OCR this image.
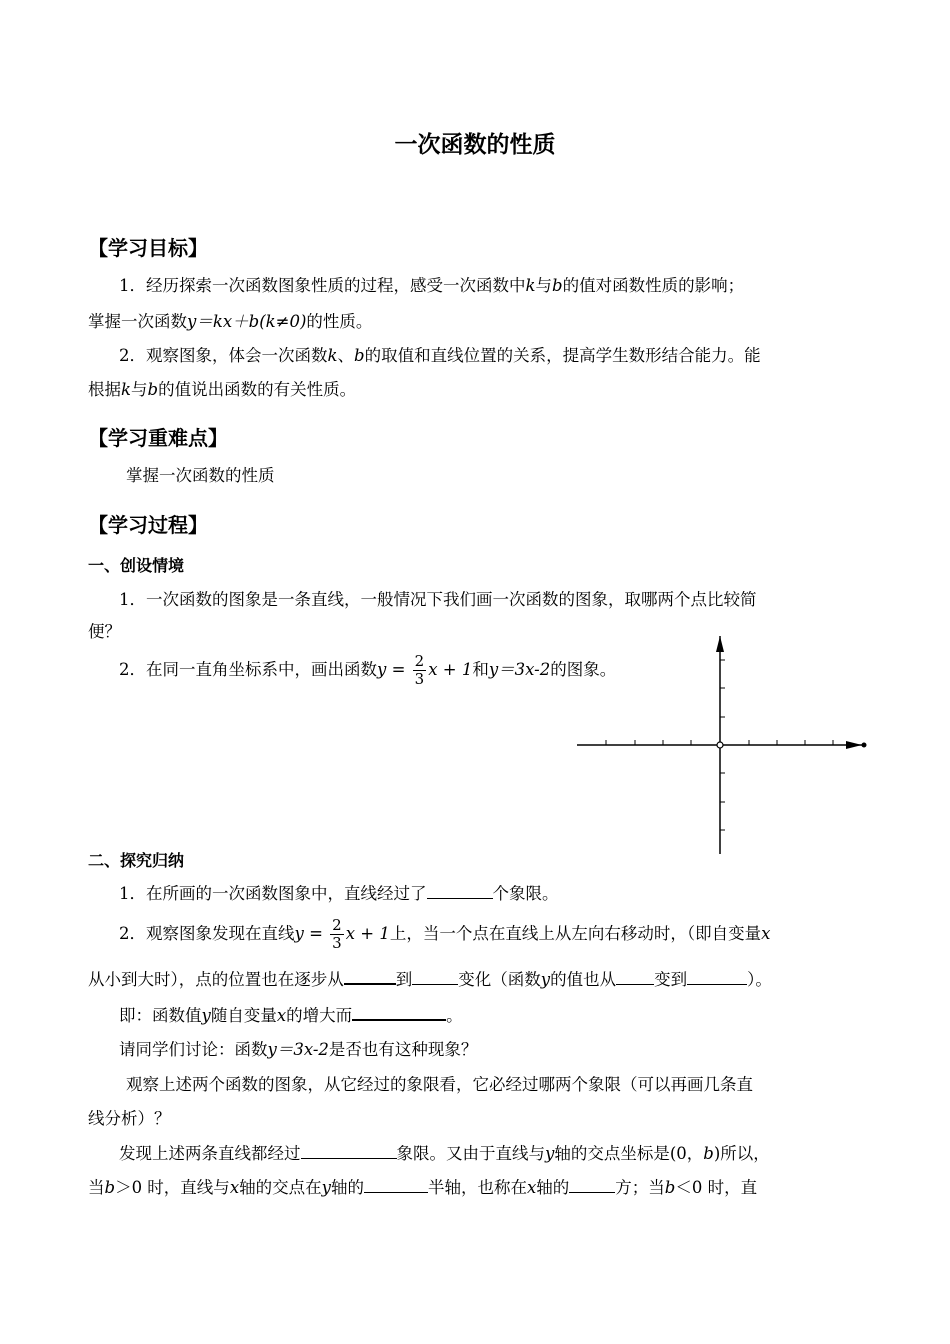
一次函数的性质
【学习目标】
1．经历探索一次函数图象性质的过程，感受一次函数中k与b的值对函数性质的影响；
掌握一次函数y＝kx＋b(k≠0)的性质。
2．观察图象，体会一次函数k、b的取值和直线位置的关系，提高学生数形结合能力。能
根据k与b的值说出函数的有关性质。
【学习重难点】
掌握一次函数的性质
【学习过程】
一、创设情境
1．一次函数的图象是一条直线，一般情况下我们画一次函数的图象，取哪两个点比较简
便？
2．在同一直角坐标系中，画出函数$y = \frac{2}{3}$ x + 1和y＝3x-2的图象。
二、探究归纳
1．在所画的一次函数图象中，直线经过了	个象限。
2．观察图象发现在直线$y = \frac{2}{3}$ x + 1上，当一个点在直线上从左向右移动时，（即自变量x
从小到大时），点的位置也在逐步从	到	变化（函数y的值也从 变到	）。
即：函数值y随自变量x的增大而	。
请同学们讨论：函数y＝3x-2是否也有这种现象？
观察上述两个函数的图象，从它经过的象限看，它必经过哪两个象限（可以再画几条直
线分析）？
发现上述两条直线都经过	象限。又由于直线与y轴的交点坐标是(0，b)所以，
当b＞0 时，直线与x轴的交点在y轴的	半轴，也称在x轴的	方；当b＜0 时，直
